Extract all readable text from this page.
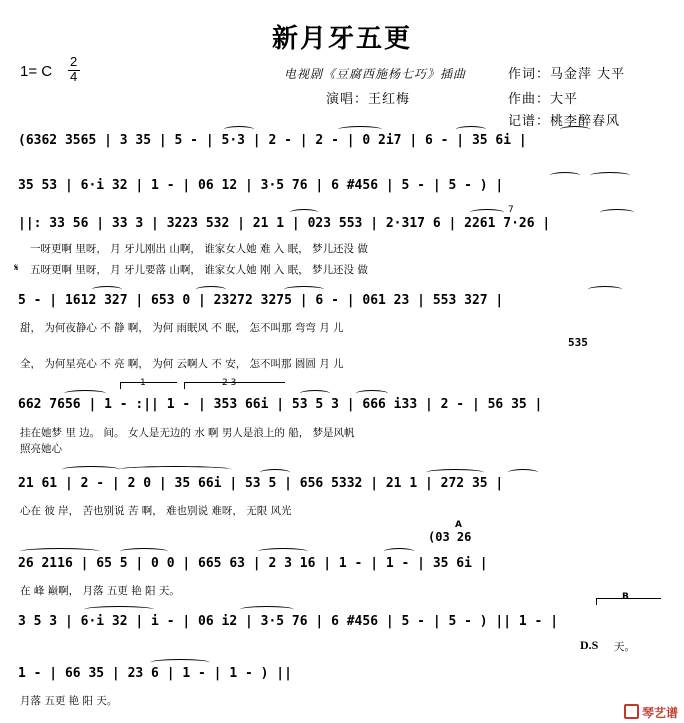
新月牙五更
1= C
2
4	电视剧《豆腐西施杨七巧》插曲	作词：马金萍 大平
演唱：王红梅	作曲：大平
记谱：桃李醉春风
(6362 3565 | 3 35 | 5 - | 5·3 | 2 - | 2 - | 0 2i7 | 6 - | 35 6i |
35 53 | 6·i 32 | 1 - | 06 12 | 3·5 76 | 6 #456 | 5 - | 5 - ) |
||: 33 56 | 33 3 | 3223 532 | 21 1 | 023 553 | 2·317 6 | 2261 7·26 |
一呀更啊 里呀， 月 牙儿刚出 山啊， 谁家女人她 难 入 眠， 梦儿还没 做
𝄋 五呀更啊 里呀， 月 牙儿要落 山啊， 谁家女人她 刚 入 眠， 梦儿还没 做
7
5 - | 1612 327 | 653 0 | 23272 3275 | 6 - | 061 23 | 553 327 |
甜， 为何夜静心 不 静 啊， 为何 雨眠风 不 眠， 怎不叫那 弯弯 月 儿
535
全， 为何星亮心 不 亮 啊， 为何 云啊人 不 安， 怎不叫那 圆圆 月 儿
1	2 3
662 7656 | 1 - :|| 1 - | 353 66i | 53 5 3 | 666 i33 | 2 - | 56 35 |
挂在她梦 里 边。 间。 女人是无边的 水 啊 男人是浪上的 船， 梦是风帆
照亮她心
21 61 | 2 - | 2 0 | 35 66i | 53 5 | 656 5332 | 21 1 | 272 35 |
心在 彼 岸， 苦也别说 苦 啊， 难也别说 难呀， 无限 风光
A
(03 26
26 2116 | 65 5 | 0 0 | 665 63 | 2 3 16 | 1 - | 1 - | 35 6i |
在 峰 巅啊， 月落 五更 艳 阳 天。	B
3 5 3 | 6·i 32 | i - | 06 i2 | 3·5 76 | 6 #456 | 5 - | 5 - ) || 1 - |
D.S 天。
1 - | 66 35 | 23 6 | 1 - | 1 - ) ||
月落 五更 艳 阳 天。
琴艺谱
